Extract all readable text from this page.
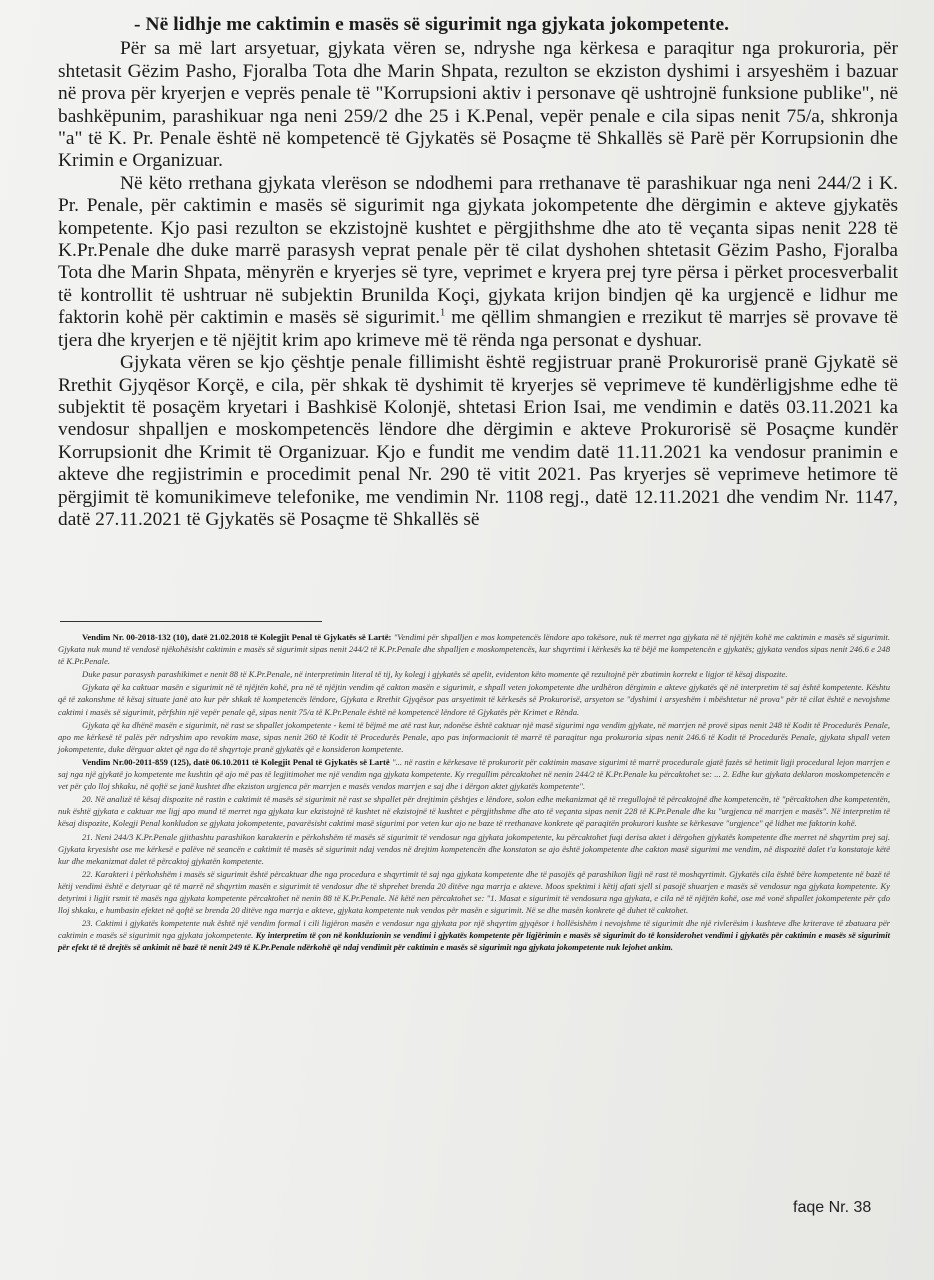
- Në lidhje me caktimin e masës së sigurimit nga gjykata jokompetente.

Për sa më lart arsyetuar, gjykata vëren se, ndryshe nga kërkesa e paraqitur nga prokuroria, për shtetasit Gëzim Pasho, Fjoralba Tota dhe Marin Shpata, rezulton se ekziston dyshimi i arsyeshëm i bazuar në prova për kryerjen e veprës penale të "Korrupsioni aktiv i personave që ushtrojnë funksione publike", në bashkëpunim, parashikuar nga neni 259/2 dhe 25 i K.Penal, vepër penale e cila sipas nenit 75/a, shkronja "a" të K. Pr. Penale është në kompetencë të Gjykatës së Posaçme të Shkallës së Parë për Korrupsionin dhe Krimin e Organizuar.

Në këto rrethana gjykata vlerëson se ndodhemi para rrethanave të parashikuar nga neni 244/2 i K. Pr. Penale, për caktimin e masës së sigurimit nga gjykata jokompetente dhe dërgimin e akteve gjykatës kompetente. Kjo pasi rezulton se ekzistojnë kushtet e përgjithshme dhe ato të veçanta sipas nenit 228 të K.Pr.Penale dhe duke marrë parasysh veprat penale për të cilat dyshohen shtetasit Gëzim Pasho, Fjoralba Tota dhe Marin Shpata, mënyrën e kryerjes së tyre, veprimet e kryera prej tyre përsa i përket procesverbalit të kontrollit të ushtruar në subjektin Brunilda Koçi, gjykata krijon bindjen që ka urgjencë e lidhur me faktorin kohë për caktimin e masës së sigurimit.$^1$ me qëllim shmangien e rrezikut të marrjes së provave të tjera dhe kryerjen e të njëjtit krim apo krimeve më të rënda nga personat e dyshuar.

Gjykata vëren se kjo çështje penale fillimisht është regjistruar pranë Prokurorisë pranë Gjykatë së Rrethit Gjyqësor Korçë, e cila, për shkak të dyshimit të kryerjes së veprimeve të kundërligjshme edhe të subjektit të posaçëm kryetari i Bashkisë Kolonjë, shtetasi Erion Isai, me vendimin e datës 03.11.2021 ka vendosur shpalljen e moskompetencës lëndore dhe dërgimin e akteve Prokurorisë së Posaçme kundër Korrupsionit dhe Krimit të Organizuar. Kjo e fundit me vendim datë 11.11.2021 ka vendosur pranimin e akteve dhe regjistrimin e procedimit penal Nr. 290 të vitit 2021. Pas kryerjes së veprimeve hetimore të përgjimit të komunikimeve telefonike, me vendimin Nr. 1108 regj., datë 12.11.2021 dhe vendim Nr. 1147, datë 27.11.2021 të Gjykatës së Posaçme të Shkallës së

Vendim Nr. 00-2018-132 (10), datë 21.02.2018 të Kolegjit Penal të Gjykatës së Lartë: "Vendimi për shpalljen e mos kompetencës lëndore apo tokësore, nuk të merret nga gjykata në të njëjtën kohë me caktimin e masës së sigurimit. Gjykata nuk mund të vendosë njëkohësisht caktimin e masës së sigurimit sipas nenit 244/2 të K.Pr.Penale dhe shpalljen e moskompetencës, kur shqyrtimi i kërkesës ka të bëjë me kompetencën e gjykatës; gjykata vendos sipas nenit 246.6 e 248 të K.Pr.Penale.

Duke pasur parasysh parashikimet e nenit 88 të K.Pr.Penale, në interpretimin literal të tij, ky kolegj i gjykatës së apelit, evidenton këto momente që rezultojnë për zbatimin korrekt e ligjor të kësaj dispozite.

Gjykata që ka caktuar masën e sigurimit në të njëjtën kohë, pra në të njëjtin vendim që cakton masën e sigurimit, e shpall veten jokompetente dhe urdhëron dërgimin e akteve gjykatës që në interpretim të saj është kompetente. Kështu që të zakonshme të kësaj situate janë ato kur për shkak të kompetencës lëndore, Gjykata e Rrethit Gjyqësor pas arsyetimit të kërkesës së Prokurorisë, arsyeton se "dyshimi i arsyeshëm i mbështetur në prova" për të cilat është e nevojshme caktimi i masës së sigurimit, përfshin një vepër penale që, sipas nenit 75/a të K.Pr.Penale është në kompetencë lëndore të Gjykatës për Krimet e Rënda.

Gjykata që ka dhënë masën e sigurimit, në rast se shpallet jokompetente - kemi të bëjmë me atë rast kur, ndonëse është caktuar një masë sigurimi nga vendim gjykate, në marrjen në provë sipas nenit 248 të Kodit të Procedurës Penale, apo me kërkesë të palës për ndryshim apo revokim mase, sipas nenit 260 të Kodit të Procedurës Penale, apo pas informacionit të marrë të paraqitur nga prokuroria sipas nenit 246.6 të Kodit të Procedurës Penale, gjykata shpall veten jokompetente, duke dërguar aktet që nga do të shqyrtoje pranë gjykatës që e konsideron kompetente.

Vendim Nr.00-2011-859 (125), datë 06.10.2011 të Kolegjit Penal të Gjykatës së Lartë "... në rastin e kërkesave të prokurorit për caktimin masave sigurimi të marrë procedurale gjatë fazës së hetimit ligji procedural lejon marrjen e saj nga një gjykatë jo kompetente me kushtin që ajo më pas të legjitimohet me një vendim nga gjykata kompetente. Ky rregullim përcaktohet në nenin 244/2 të K.Pr.Penale ku përcaktohet se: ... 2. Edhe kur gjykata deklaron moskompetencën e vet për çdo lloj shkaku, në qoftë se janë kushtet dhe ekziston urgjenca për marrjen e masës vendos marrjen e saj dhe i dërgon aktet gjykatës kompetente".

20. Në analizë të kësaj dispozite në rastin e caktimit të masës së sigurimit në rast se shpallet për drejtimin çështjes e lëndore, solon edhe mekanizmat që të rregullojnë të përcaktojnë dhe kompetencën, të "përcaktohen dhe kompetentën, nuk është gjykata e caktuar me ligj apo mund të merret nga gjykata kur ekzistojnë të kushtet në ekzistojnë të kushtet e përgjithshme dhe ato të veçanta sipas nenit 228 të K.Pr.Penale dhe ku "urgjenca në marrjen e masës". Në interpretim të kësaj dispozite, Kolegji Penal konkludon se gjykata jokompetente, pavarësisht caktimi masë sigurimi por veten kur ajo ne baze të rrethanave konkrete që paraqitën prokurori kushte se kërkesave "urgjence" që lidhet me faktorin kohë.

21. Neni 244/3 K.Pr.Penale gjithashtu parashikon karakterin e përkohshëm të masës së sigurimit të vendosur nga gjykata jokompetente, ku përcaktohet fuqi derisa aktet i dërgohen gjykatës kompetente dhe merret në shqyrtim prej saj. Gjykata kryesisht ose me kërkesë e palëve në seancën e caktimit të masës së sigurimit ndaj vendos në drejtim kompetencën dhe konstaton se ajo është jokompetente dhe cakton masë sigurimi me vendim, në dispozitë dalet t'a konstatoje këtë kur dhe mekanizmat dalet të përcaktoj gjykatën kompetente.

22. Karakteri i përkohshëm i masës së sigurimit është përcaktuar dhe nga procedura e shqyrtimit të saj nga gjykata kompetente dhe të pasojës që parashikon ligji në rast të moshqyrtimit. Gjykatës cila është bëre kompetente në bazë të këtij vendimi është e detyruar që të marrë në shqyrtim masën e sigurimit të vendosur dhe të shprehet brenda 20 ditëve nga marrja e akteve. Moos spektimi i këtij afati sjell si pasojë shuarjen e masës së vendosur nga gjykata kompetente. Ky detyrimi i ligjit rsmit të masës nga gjykata kompetente përcaktohet në nenin 88 të K.Pr.Penale. Në këtë nen përcaktohet se: "1. Masat e sigurimit të vendosura nga gjykata, e cila në të njëjtën kohë, ose më vonë shpallet jokompetente për çdo lloj shkaku, e humbasin efektet në qoftë se brenda 20 ditëve nga marrja e akteve, gjykata kompetente nuk vendos për masën e sigurimit. Në se dhe masën konkrete që duhet të caktohet.

23. Caktimi i gjykatës kompetente nuk është një vendim formal i cili ligjëron masën e vendosur nga gjykata por një shqyrtim gjyqësor i hollësishëm i nevojshme të sigurimit dhe një rivlerësim i kushteve dhe kriterave të zbatuara për caktimin e masës së sigurimit nga gjykata jokompetente. Ky interpretim të çon në konkluzionin se vendimi i gjykatës kompetente për ligjërimin e masës së sigurimit do të konsiderohet vendimi i gjykatës për caktimin e masës së sigurimit për efekt të të drejtës së ankimit në bazë të nenit 249 të K.Pr.Penale ndërkohë që ndaj vendimit për caktimin e masës së sigurimit nga gjykata jokompetente nuk lejohet ankim.

faqe Nr. 38
